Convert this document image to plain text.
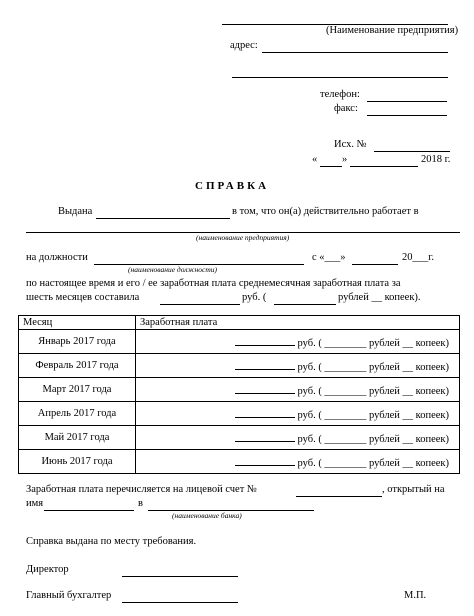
(Наименование предприятия)
адрес:
телефон:
факс:
Исх. №
« »	2018 г.
СПРАВКА
Выдана	в том, что он(а) действительно работает в
(наименование предприятия)
на должности	с «___»	20___г.
(наименование должности)
по настоящее время и его / ее заработная плата среднемесячная заработная плата за
шесть месяцев составила	руб. (	рублей __ копеек).
Месяц	Заработная плата
Январь 2017 года	руб. ( ________ рублей __ копеек)
Февраль 2017 года	руб. ( ________ рублей __ копеек)
Март 2017 года	руб. ( ________ рублей __ копеек)
Апрель 2017 года	руб. ( ________ рублей __ копеек)
Май 2017 года	руб. ( ________ рублей __ копеек)
Июнь 2017 года	руб. ( ________ рублей __ копеек)
Заработная плата перечисляется на лицевой счет №	, открытый на
имя	в
(наименование банка)
Справка выдана по месту требования.
Директор
Главный бухгалтер	М.П.
